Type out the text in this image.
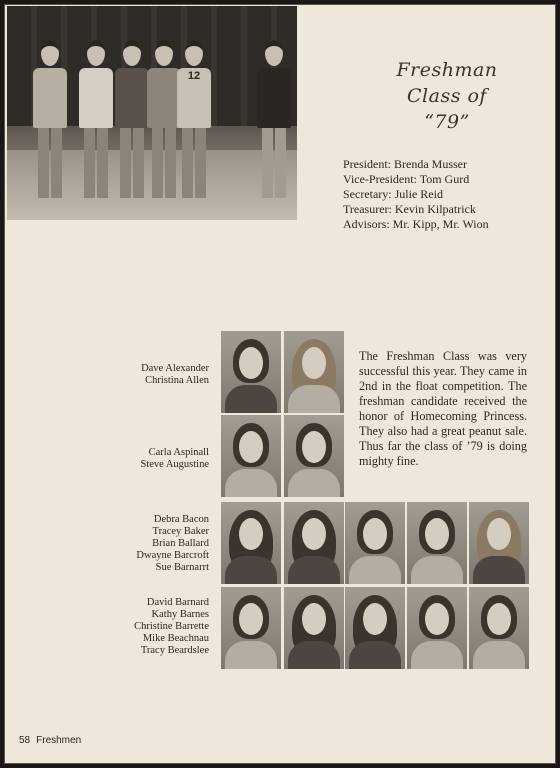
12	Freshman
Class of
“79”
President: Brenda Musser
Vice-President: Tom Gurd
Secretary: Julie Reid
Treasurer: Kevin Kilpatrick
Advisors: Mr. Kipp, Mr. Wion
Dave Alexander
Christina Allen
Carla Aspinall
Steve Augustine
The Freshman Class was very successful this year. They came in 2nd in the float competition. The freshman candidate received the honor of Homecoming Princess. They also had a great peanut sale. Thus far the class of ’79 is doing mighty fine.
Debra Bacon
Tracey Baker
Brian Ballard
Dwayne Barcroft
Sue Barnarrt
David Barnard
Kathy Barnes
Christine Barrette
Mike Beachnau
Tracy Beardslee
58 Freshmen
